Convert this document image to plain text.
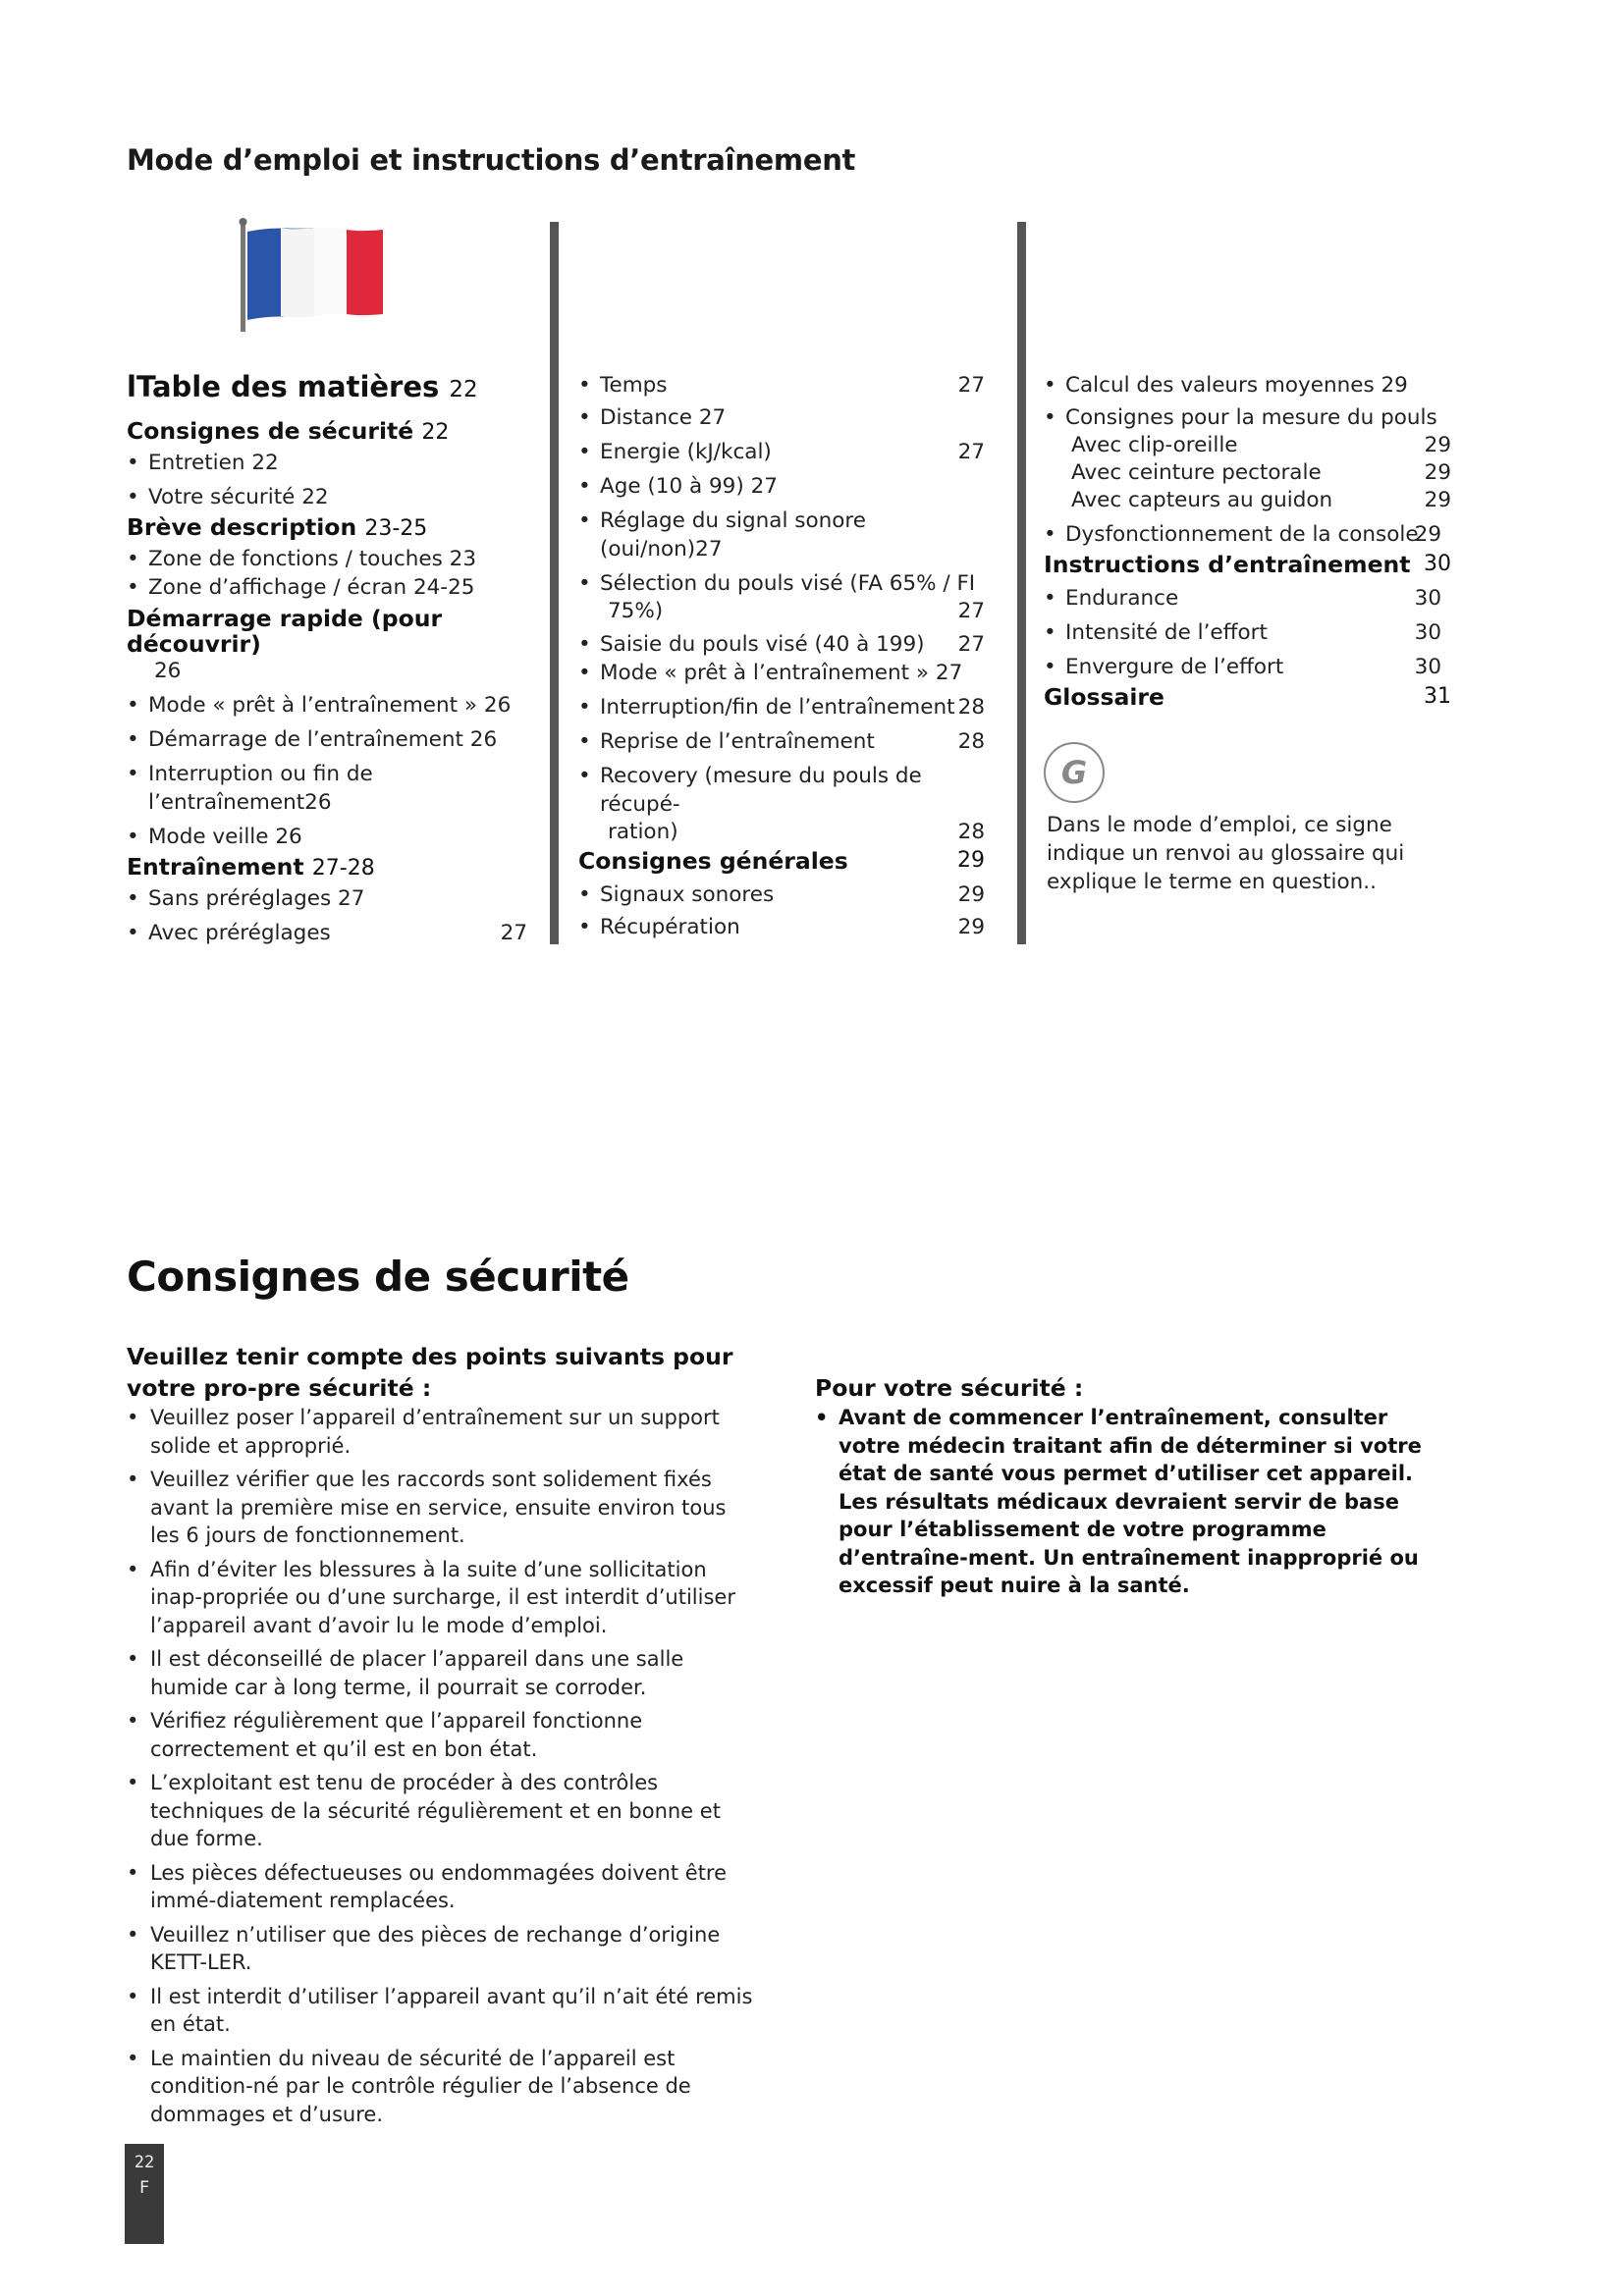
Mode d’emploi et instructions d’entraînement
lTable des matières 22
Consignes de sécurité 22
• Entretien 22
• Votre sécurité 22
Brève description 23-25
• Zone de fonctions / touches 23
• Zone d’affichage / écran 24-25
Démarrage rapide (pour découvrir)
26
• Mode « prêt à l’entraînement » 26
• Démarrage de l’entraînement 26
• Interruption ou fin de l’entraînement26
• Mode veille 26
Entraînement 27-28
• Sans préréglages 27
• Avec préréglages	27
• Temps	27
• Distance 27
• Energie (kJ/kcal)	27
• Age (10 à 99) 27
• Réglage du signal sonore (oui/non)27
• Sélection du pouls visé (FA 65% / FI
75%)	27
• Saisie du pouls visé (40 à 199) 27
• Mode « prêt à l’entraînement » 27
• Interruption/fin de l’entraînement 28
• Reprise de l’entraînement	28
• Recovery (mesure du pouls de récupé-
ration)	28
Consignes générales	29
• Signaux sonores	29
• Récupération	29
• Calcul des valeurs moyennes 29
• Consignes pour la mesure du pouls
Avec clip-oreille	29
Avec ceinture pectorale	29
Avec capteurs au guidon	29
• Dysfonctionnement de la console
29
Instructions d’entraînement 30
• Endurance	30
• Intensité de l’effort	30
• Envergure de l’effort	30
Glossaire	31
G
Dans le mode d’emploi, ce signe indique un renvoi au glossaire qui explique le terme en question..
Consignes de sécurité
Veuillez tenir compte des points suivants pour votre pro-pre sécurité :
• Veuillez poser l’appareil d’entraînement sur un support solide et approprié.
• Veuillez vérifier que les raccords sont solidement fixés avant la première mise en service, ensuite environ tous les 6 jours de fonctionnement.
• Afin d’éviter les blessures à la suite d’une sollicitation inap-propriée ou d’une surcharge, il est interdit d’utiliser l’appareil avant d’avoir lu le mode d’emploi.
• Il est déconseillé de placer l’appareil dans une salle humide car à long terme, il pourrait se corroder.
• Vérifiez régulièrement que l’appareil fonctionne correctement et qu’il est en bon état.
• L’exploitant est tenu de procéder à des contrôles techniques de la sécurité régulièrement et en bonne et due forme.
• Les pièces défectueuses ou endommagées doivent être immé-diatement remplacées.
• Veuillez n’utiliser que des pièces de rechange d’origine KETT-LER.
• Il est interdit d’utiliser l’appareil avant qu’il n’ait été remis en état.
• Le maintien du niveau de sécurité de l’appareil est condition-né par le contrôle régulier de l’absence de dommages et d’usure.
Pour votre sécurité :
• Avant de commencer l’entraînement, consulter votre médecin traitant afin de déterminer si votre état de santé vous permet d’utiliser cet appareil. Les résultats médicaux devraient servir de base pour l’établissement de votre programme d’entraîne-ment. Un entraînement inapproprié ou excessif peut nuire à la santé.
22
F
